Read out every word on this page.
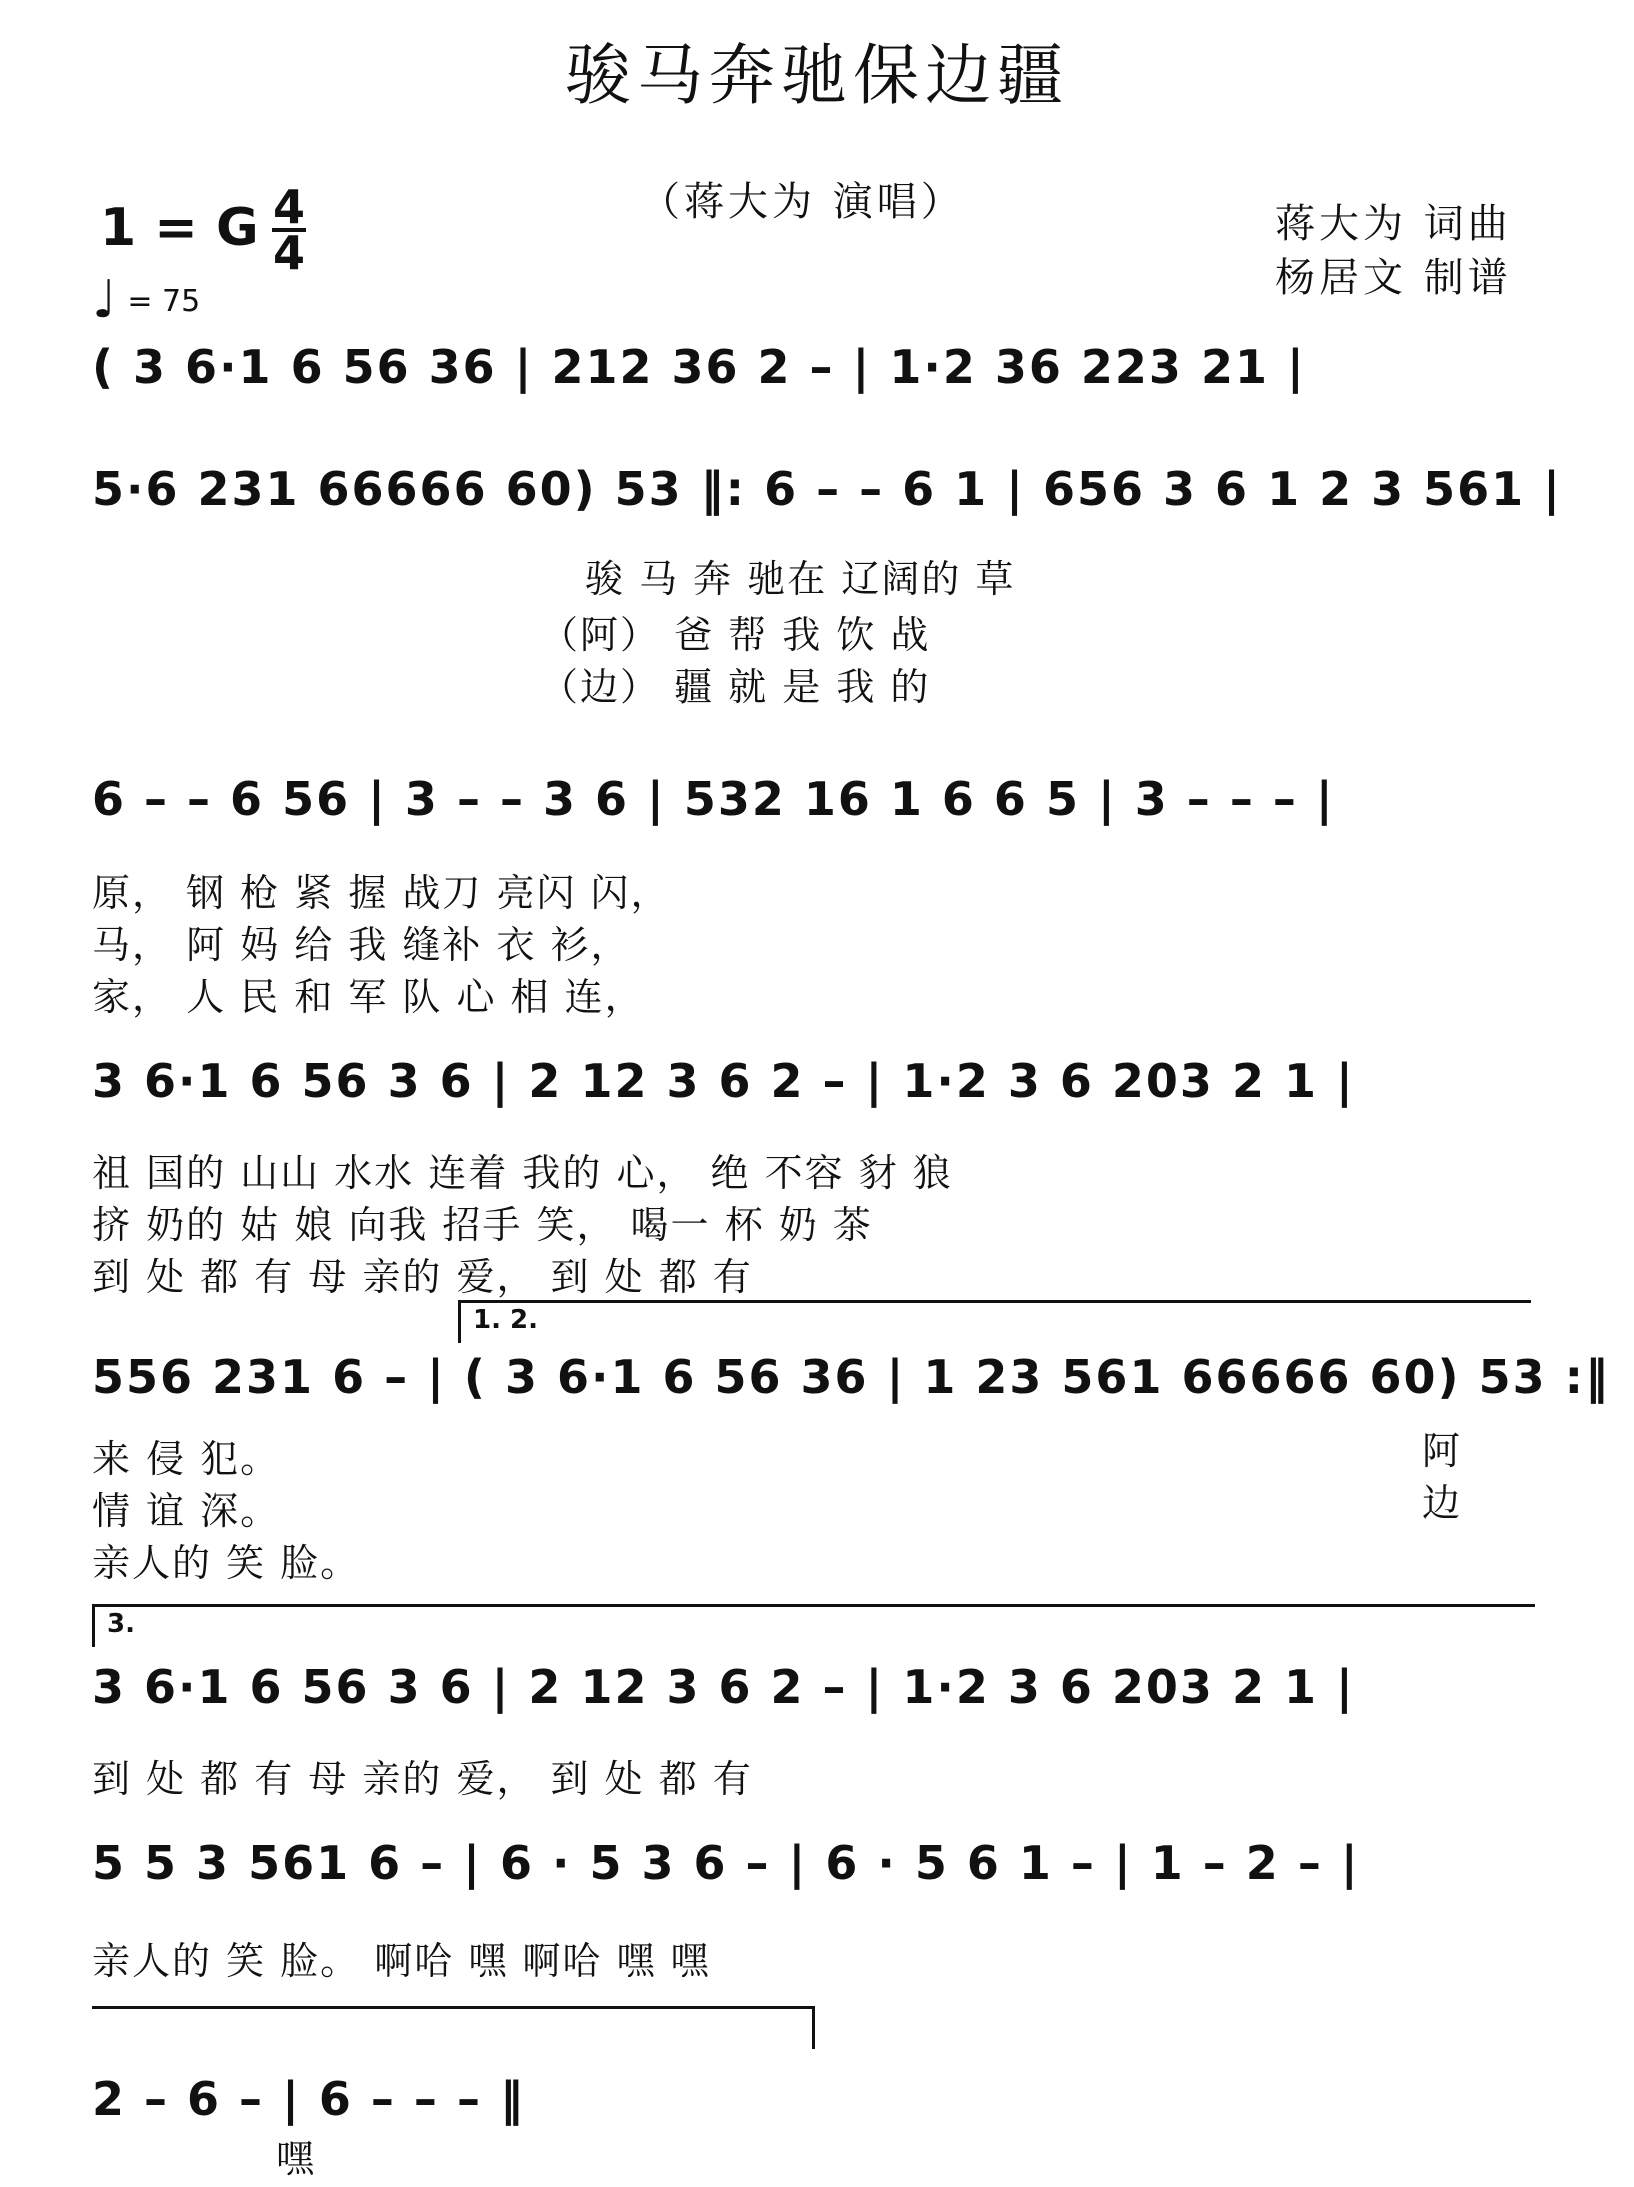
骏马奔驰保边疆
（蒋大为 演唱）	蒋大为 词曲
杨居文 制谱
1 = G 4
4
♩ = 75
( 3 6·1 6 56 36 | 212 36 2 – | 1·2 36 223 21 |
5·6 231 66666 60) 53 ‖: 6 – – 6 1 | 656 3 6 1 2 3 561 |
骏 马 奔 驰在 辽阔的 草
（阿） 爸 帮 我 饮 战
（边） 疆 就 是 我 的
6 – – 6 56 | 3 – – 3 6 | 532 16 1 6 6 5 | 3 – – – |
原， 钢 枪 紧 握 战刀 亮闪 闪，
马， 阿 妈 给 我 缝补 衣 衫，
家， 人 民 和 军 队 心 相 连，
3 6·1 6 56 3 6 | 2 12 3 6 2 – | 1·2 3 6 203 2 1 |
祖 国的 山山 水水 连着 我的 心， 绝 不容 豺 狼
挤 奶的 姑 娘 向我 招手 笑， 喝一 杯 奶 茶
到 处 都 有 母 亲的 爱， 到 处 都 有
1. 2.
556 231 6 – | ( 3 6·1 6 56 36 | 1 23 561 66666 60) 53 :‖
来 侵 犯。
情 谊 深。
亲人的 笑 脸。
阿
边
3.
3 6·1 6 56 3 6 | 2 12 3 6 2 – | 1·2 3 6 203 2 1 |
到 处 都 有 母 亲的 爱， 到 处 都 有
5 5 3 561 6 – | 6 · 5 3 6 – | 6 · 5 6 1 – | 1 – 2 – |
亲人的 笑 脸。 啊哈 嘿 啊哈 嘿 嘿
2 – 6 – | 6 – – – ‖
嘿
